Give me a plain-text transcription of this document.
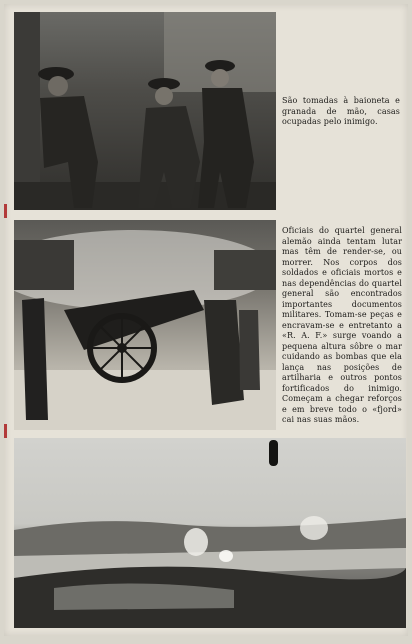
São tomadas à baioneta e granada de mão, casas ocupadas pelo inimigo.

Oficiais do quartel general alemão ainda tentam lutar mas têm de render-se, ou morrer. Nos corpos dos soldados e oficiais mortos e nas dependências do quartel general são encontrados importantes documentos militares. Tomam-se peças e encravam-se e entretanto a «R. A. F.» surge voando a pequena altura sôbre o mar cuidando as bombas que ela lança nas posições de artilharia e outros pontos fortificados do inimigo. Começam a chegar reforços e em breve todo o «fjord» cai nas suas mãos.
